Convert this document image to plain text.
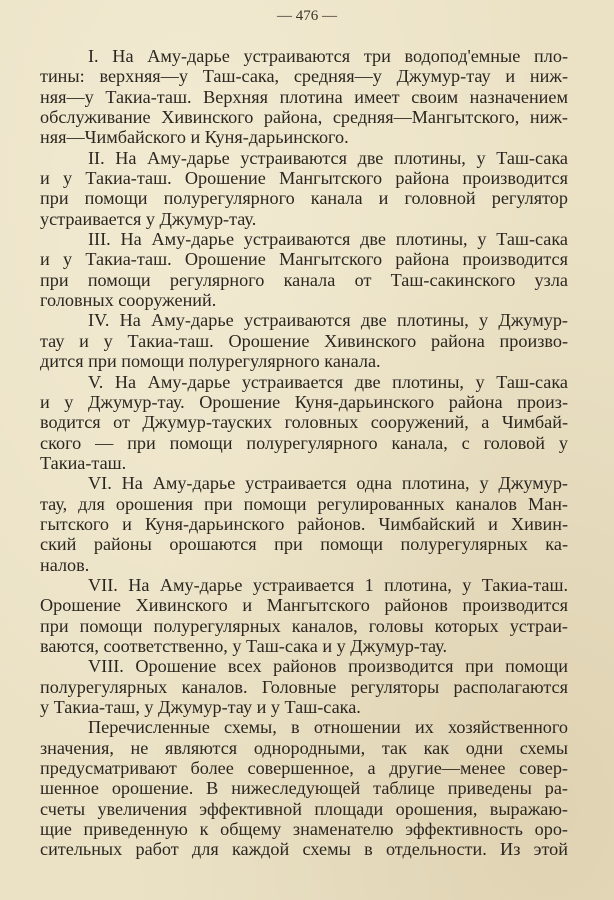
— 476 —
I. На Аму-дарье устраиваются три водопод'емные пло-
тины: верхняя—у Таш-сака, средняя—у Джумур-тау и ниж-
няя—у Такиа-таш. Верхняя плотина имеет своим назначением
обслуживание Хивинского района, средняя—Мангытского, ниж-
няя—Чимбайского и Куня-дарьинского.
II. На Аму-дарье устраиваются две плотины, у Таш-сака
и у Такиа-таш. Орошение Мангытского района производится
при помощи полурегулярного канала и головной регулятор
устраивается у Джумур-тау.
III. На Аму-дарье устраиваются две плотины, у Таш-сака
и у Такиа-таш. Орошение Мангытского района производится
при помощи регулярного канала от Таш-сакинского узла
головных сооружений.
IV. На Аму-дарье устраиваются две плотины, у Джумур-
тау и у Такиа-таш. Орошение Хивинского района произво-
дится при помощи полурегулярного канала.
V. На Аму-дарье устраивается две плотины, у Таш-сака
и у Джумур-тау. Орошение Куня-дарьинского района произ-
водится от Джумур-тауских головных сооружений, а Чимбай-
ского — при помощи полурегулярного канала, с головой у
Такиа-таш.
VI. На Аму-дарье устраивается одна плотина, у Джумур-
тау, для орошения при помощи регулированных каналов Ман-
гытского и Куня-дарьинского районов. Чимбайский и Хивин-
ский районы орошаются при помощи полурегулярных ка-
налов.
VII. На Аму-дарье устраивается 1 плотина, у Такиа-таш.
Орошение Хивинского и Мангытского районов производится
при помощи полурегулярных каналов, головы которых устраи-
ваются, соответственно, у Таш-сака и у Джумур-тау.
VIII. Орошение всех районов производится при помощи
полурегулярных каналов. Головные регуляторы располагаются
у Такиа-таш, у Джумур-тау и у Таш-сака.
Перечисленные схемы, в отношении их хозяйственного
значения, не являются однородными, так как одни схемы
предусматривают более совершенное, а другие—менее совер-
шенное орошение. В нижеследующей таблице приведены ра-
счеты увеличения эффективной площади орошения, выражаю-
щие приведенную к общему знаменателю эффективность оро-
сительных работ для каждой схемы в отдельности. Из этой
